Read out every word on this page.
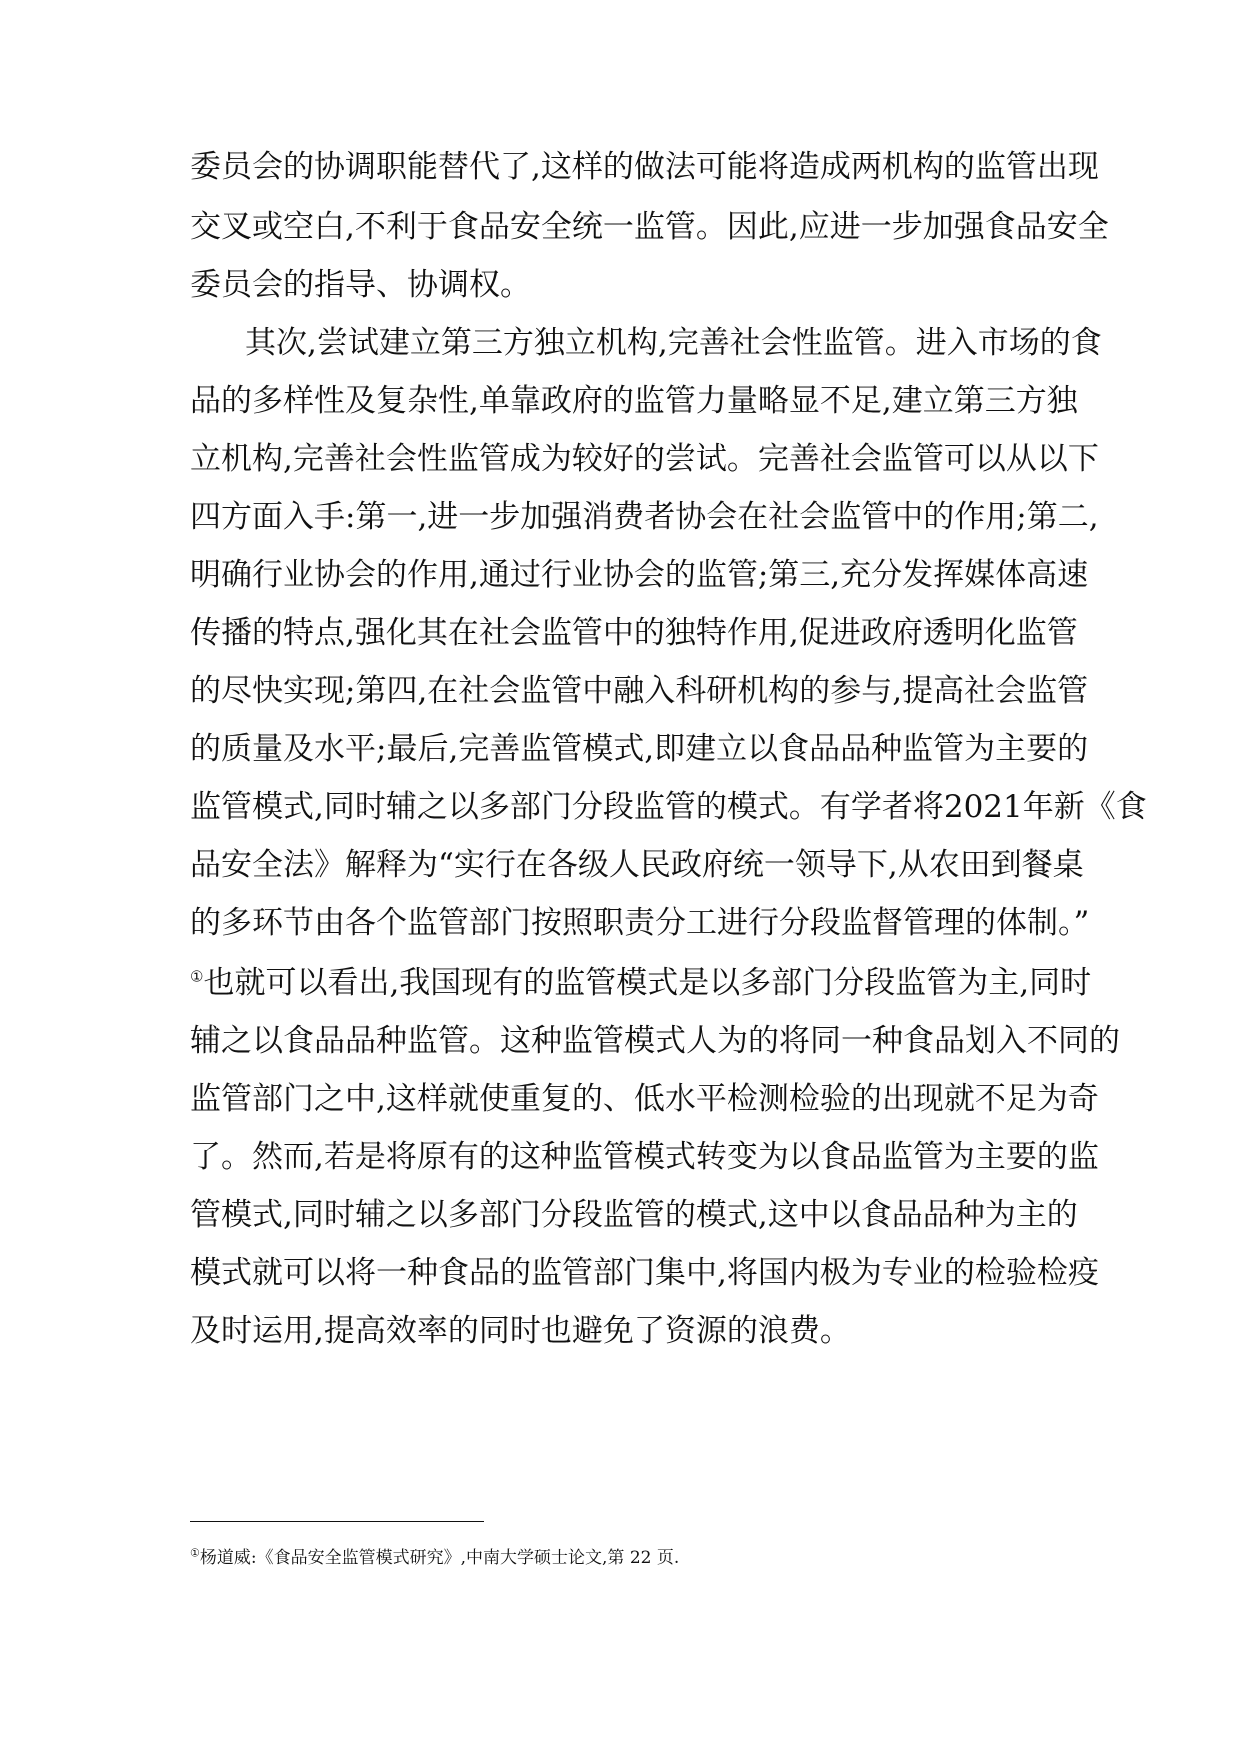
委员会的协调职能替代了,这样的做法可能将造成两机构的监管出现
交叉或空白,不利于食品安全统一监管。因此,应进一步加强食品安全
委员会的指导、协调权。
其次,尝试建立第三方独立机构,完善社会性监管。进入市场的食
品的多样性及复杂性,单靠政府的监管力量略显不足,建立第三方独
立机构,完善社会性监管成为较好的尝试。完善社会监管可以从以下
四方面入手:第一,进一步加强消费者协会在社会监管中的作用;第二,
明确行业协会的作用,通过行业协会的监管;第三,充分发挥媒体高速
传播的特点,强化其在社会监管中的独特作用,促进政府透明化监管
的尽快实现;第四,在社会监管中融入科研机构的参与,提高社会监管
的质量及水平;最后,完善监管模式,即建立以食品品种监管为主要的
监管模式,同时辅之以多部门分段监管的模式。有学者将2021年新《食
品安全法》解释为“实行在各级人民政府统一领导下,从农田到餐桌
的多环节由各个监管部门按照职责分工进行分段监督管理的体制。”
①也就可以看出,我国现有的监管模式是以多部门分段监管为主,同时
辅之以食品品种监管。这种监管模式人为的将同一种食品划入不同的
监管部门之中,这样就使重复的、低水平检测检验的出现就不足为奇
了。然而,若是将原有的这种监管模式转变为以食品监管为主要的监
管模式,同时辅之以多部门分段监管的模式,这中以食品品种为主的
模式就可以将一种食品的监管部门集中,将国内极为专业的检验检疫
及时运用,提高效率的同时也避免了资源的浪费。
①杨道威:《食品安全监管模式研究》,中南大学硕士论文,第 22 页.
